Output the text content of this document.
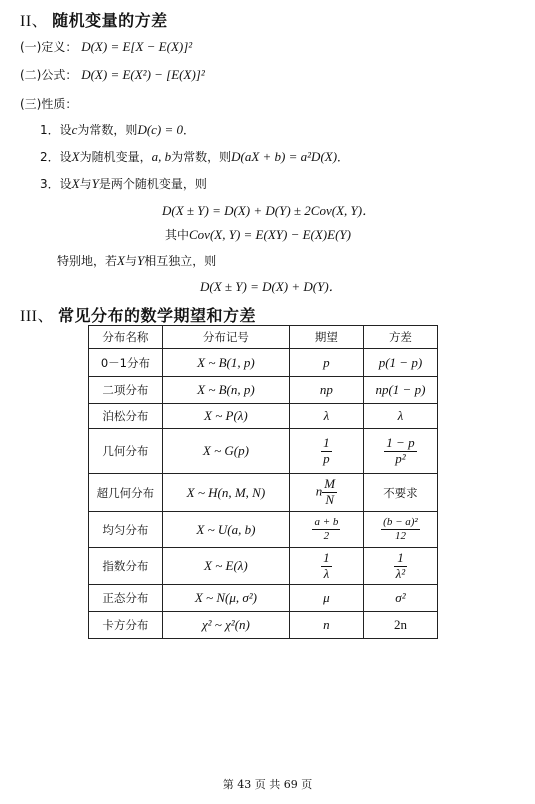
II、 随机变量的方差
(一)定义： D(X) = E[X − E(X)]²
(二)公式： D(X) = E(X²) − [E(X)]²
(三)性质：
1．设c为常数，则D(c) = 0．
2．设X为随机变量，a, b为常数，则D(aX + b) = a²D(X)．
3．设X与Y是两个随机变量，则
D(X ± Y) = D(X) + D(Y) ± 2Cov(X, Y)．
其中Cov(X, Y) = E(XY) − E(X)E(Y)
特别地，若X与Y相互独立，则
D(X ± Y) = D(X) + D(Y)．
III、 常见分布的数学期望和方差
分布名称	分布记号	期望	方差
0－1分布	X ~ B(1, p)	p	p(1 − p)
二项分布	X ~ B(n, p)	np	np(1 − p)
泊松分布	X ~ P(λ)	λ	λ
几何分布	X ~ G(p)	$\frac{1}{p}$	$\frac{1 - p}{\text{p²}}$

超几何分布	X ~ H(n, M, N)	n $\frac{M}{N}$	不要求
均匀分布	X ~ U(a, b)	$\frac{a + b}{2}$	$\frac{\text{(b − a)²}}{12}$

指数分布	X ~ E(λ)	$\frac{1}{\lambda}$	$\frac{1}{\text{λ²}}$

正态分布	X ~ N(μ, σ²)	μ	σ²
卡方分布	χ² ~ χ²(n)	n	2n
第 43 页 共 69 页
